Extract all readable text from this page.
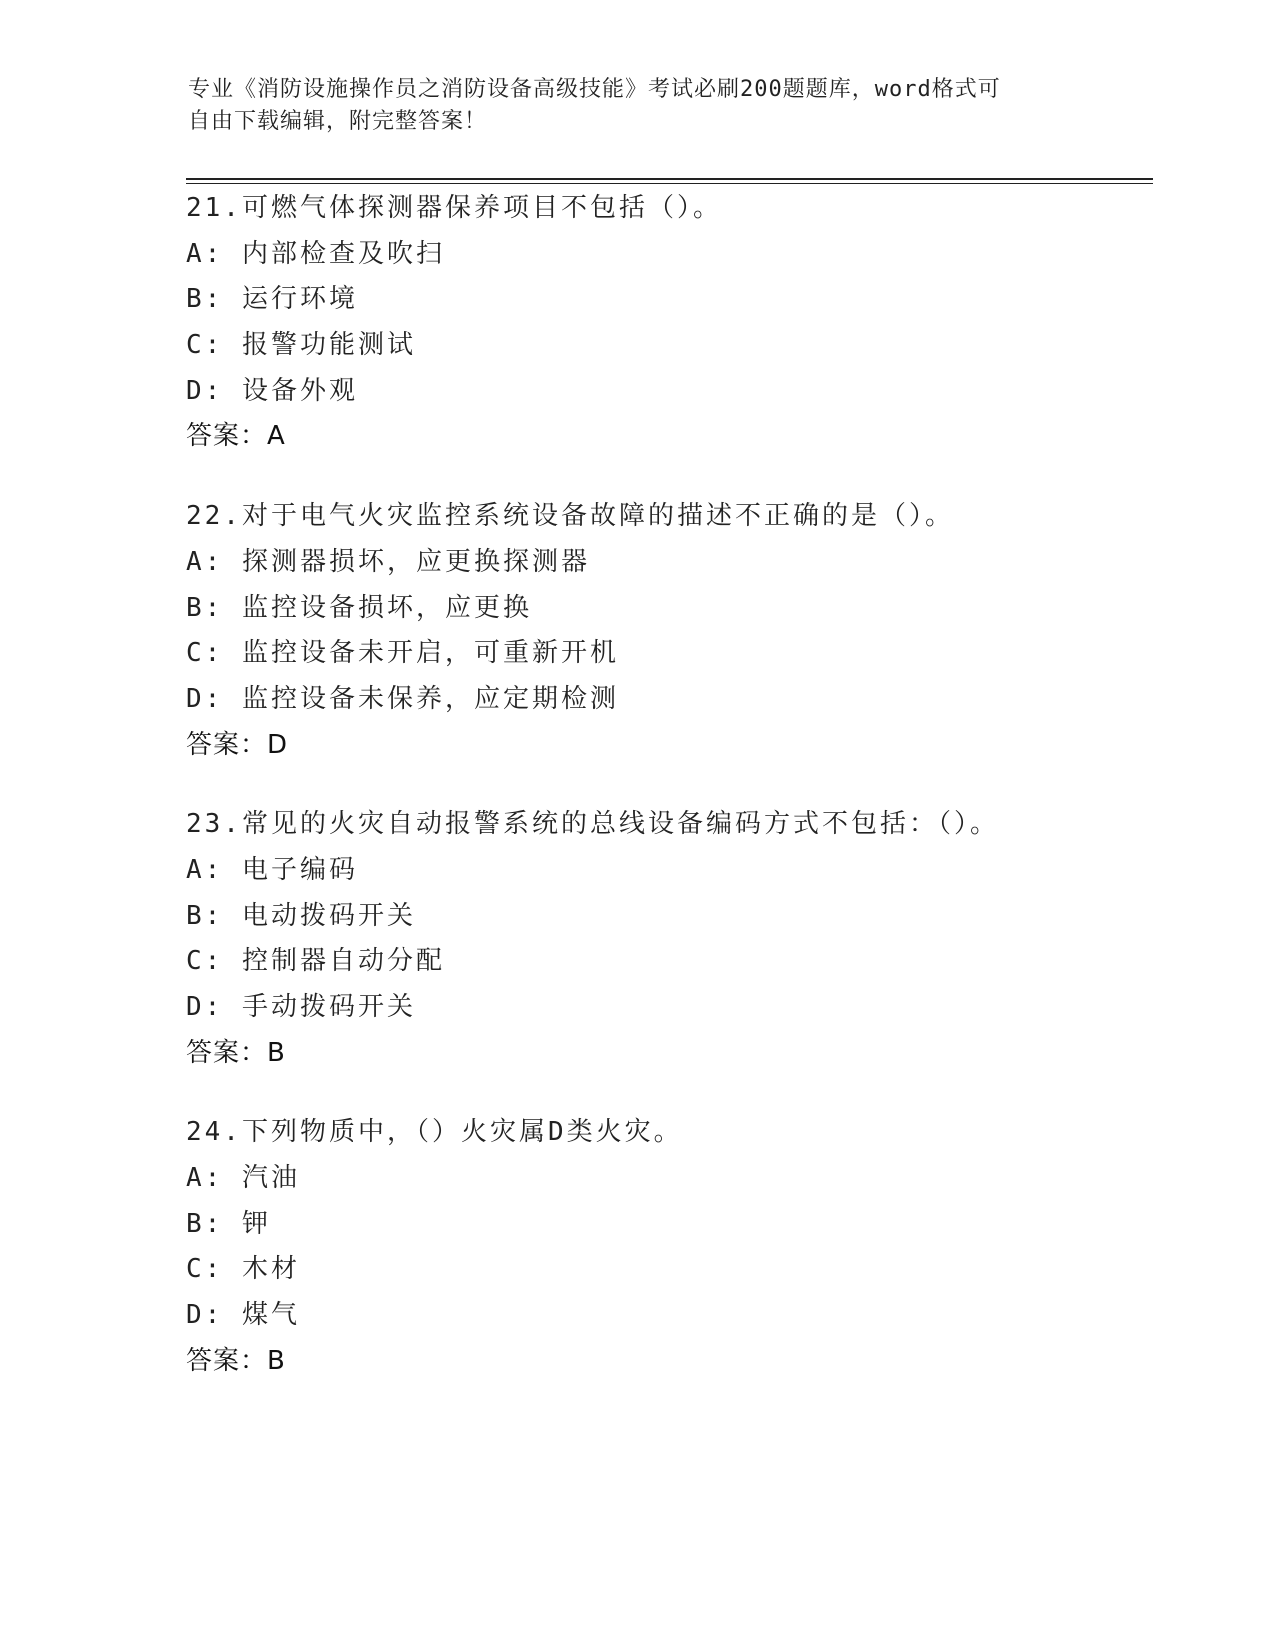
专业《消防设施操作员之消防设备高级技能》考试必刷200题题库，word格式可
自由下载编辑，附完整答案！
21.可燃气体探测器保养项目不包括（）。
A: 内部检查及吹扫
B: 运行环境
C: 报警功能测试
D: 设备外观
答案：A
22.对于电气火灾监控系统设备故障的描述不正确的是（）。
A: 探测器损坏，应更换探测器
B: 监控设备损坏，应更换
C: 监控设备未开启，可重新开机
D: 监控设备未保养，应定期检测
答案：D
23.常见的火灾自动报警系统的总线设备编码方式不包括：（）。
A: 电子编码
B: 电动拨码开关
C: 控制器自动分配
D: 手动拨码开关
答案：B
24.下列物质中，（）火灾属D类火灾。
A: 汽油
B: 钾
C: 木材
D: 煤气
答案：B
